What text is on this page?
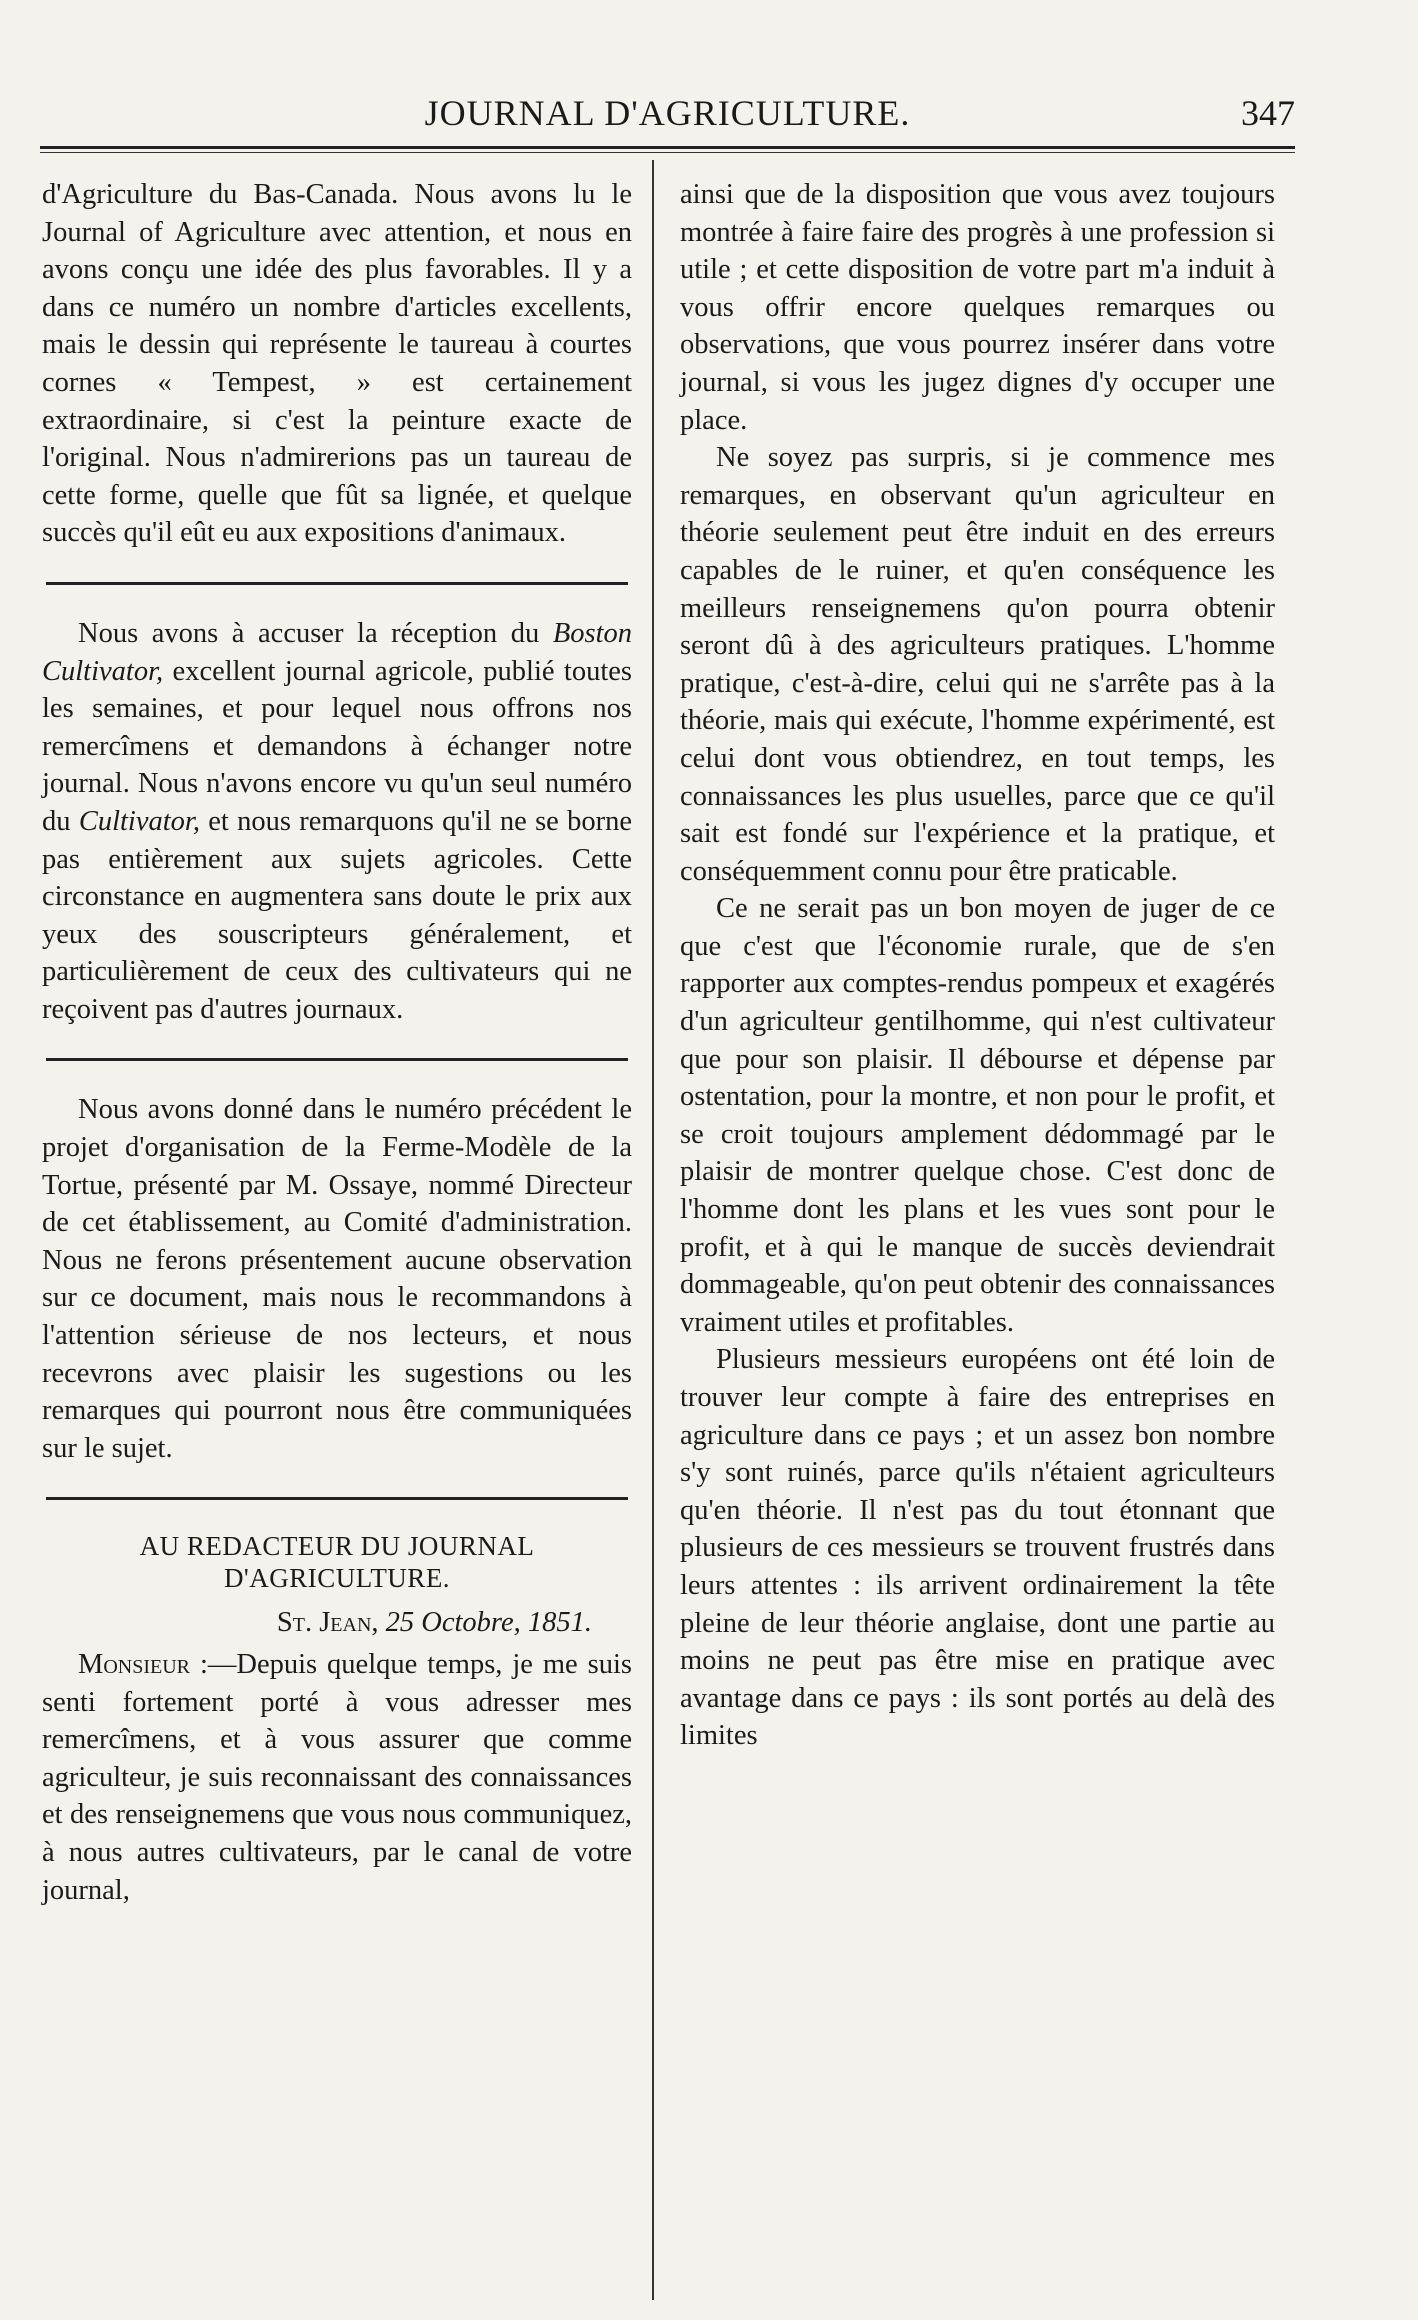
JOURNAL D'AGRICULTURE.	347

d'Agriculture du Bas-Canada. Nous avons lu le Journal of Agriculture avec attention, et nous en avons conçu une idée des plus favorables. Il y a dans ce numéro un nombre d'articles excellents, mais le dessin qui représente le taureau à courtes cornes « Tempest, » est certainement extraordinaire, si c'est la peinture exacte de l'original. Nous n'admirerions pas un taureau de cette forme, quelle que fût sa lignée, et quelque succès qu'il eût eu aux expositions d'animaux.

Nous avons à accuser la réception du Boston Cultivator, excellent journal agricole, publié toutes les semaines, et pour lequel nous offrons nos remercîmens et demandons à échanger notre journal. Nous n'avons encore vu qu'un seul numéro du Cultivator, et nous remarquons qu'il ne se borne pas entièrement aux sujets agricoles. Cette circonstance en augmentera sans doute le prix aux yeux des souscripteurs généralement, et particulièrement de ceux des cultivateurs qui ne reçoivent pas d'autres journaux.

Nous avons donné dans le numéro précédent le projet d'organisation de la Ferme-Modèle de la Tortue, présenté par M. Ossaye, nommé Directeur de cet établissement, au Comité d'administration. Nous ne ferons présentement aucune observation sur ce document, mais nous le recommandons à l'attention sérieuse de nos lecteurs, et nous recevrons avec plaisir les sugestions ou les remarques qui pourront nous être communiquées sur le sujet.

AU REDACTEUR DU JOURNAL D'AGRICULTURE.
St. Jean, 25 Octobre, 1851.

Monsieur :—Depuis quelque temps, je me suis senti fortement porté à vous adresser mes remercîmens, et à vous assurer que comme agriculteur, je suis reconnaissant des connaissances et des renseignemens que vous nous communiquez, à nous autres cultivateurs, par le canal de votre journal,

ainsi que de la disposition que vous avez toujours montrée à faire faire des progrès à une profession si utile ; et cette disposition de votre part m'a induit à vous offrir encore quelques remarques ou observations, que vous pourrez insérer dans votre journal, si vous les jugez dignes d'y occuper une place.

Ne soyez pas surpris, si je commence mes remarques, en observant qu'un agriculteur en théorie seulement peut être induit en des erreurs capables de le ruiner, et qu'en conséquence les meilleurs renseignemens qu'on pourra obtenir seront dû à des agriculteurs pratiques. L'homme pratique, c'est-à-dire, celui qui ne s'arrête pas à la théorie, mais qui exécute, l'homme expérimenté, est celui dont vous obtiendrez, en tout temps, les connaissances les plus usuelles, parce que ce qu'il sait est fondé sur l'expérience et la pratique, et conséquemment connu pour être praticable.

Ce ne serait pas un bon moyen de juger de ce que c'est que l'économie rurale, que de s'en rapporter aux comptes-rendus pompeux et exagérés d'un agriculteur gentilhomme, qui n'est cultivateur que pour son plaisir. Il débourse et dépense par ostentation, pour la montre, et non pour le profit, et se croit toujours amplement dédommagé par le plaisir de montrer quelque chose. C'est donc de l'homme dont les plans et les vues sont pour le profit, et à qui le manque de succès deviendrait dommageable, qu'on peut obtenir des connaissances vraiment utiles et profitables.

Plusieurs messieurs européens ont été loin de trouver leur compte à faire des entreprises en agriculture dans ce pays ; et un assez bon nombre s'y sont ruinés, parce qu'ils n'étaient agriculteurs qu'en théorie. Il n'est pas du tout étonnant que plusieurs de ces messieurs se trouvent frustrés dans leurs attentes : ils arrivent ordinairement la tête pleine de leur théorie anglaise, dont une partie au moins ne peut pas être mise en pratique avec avantage dans ce pays : ils sont portés au delà des limites
